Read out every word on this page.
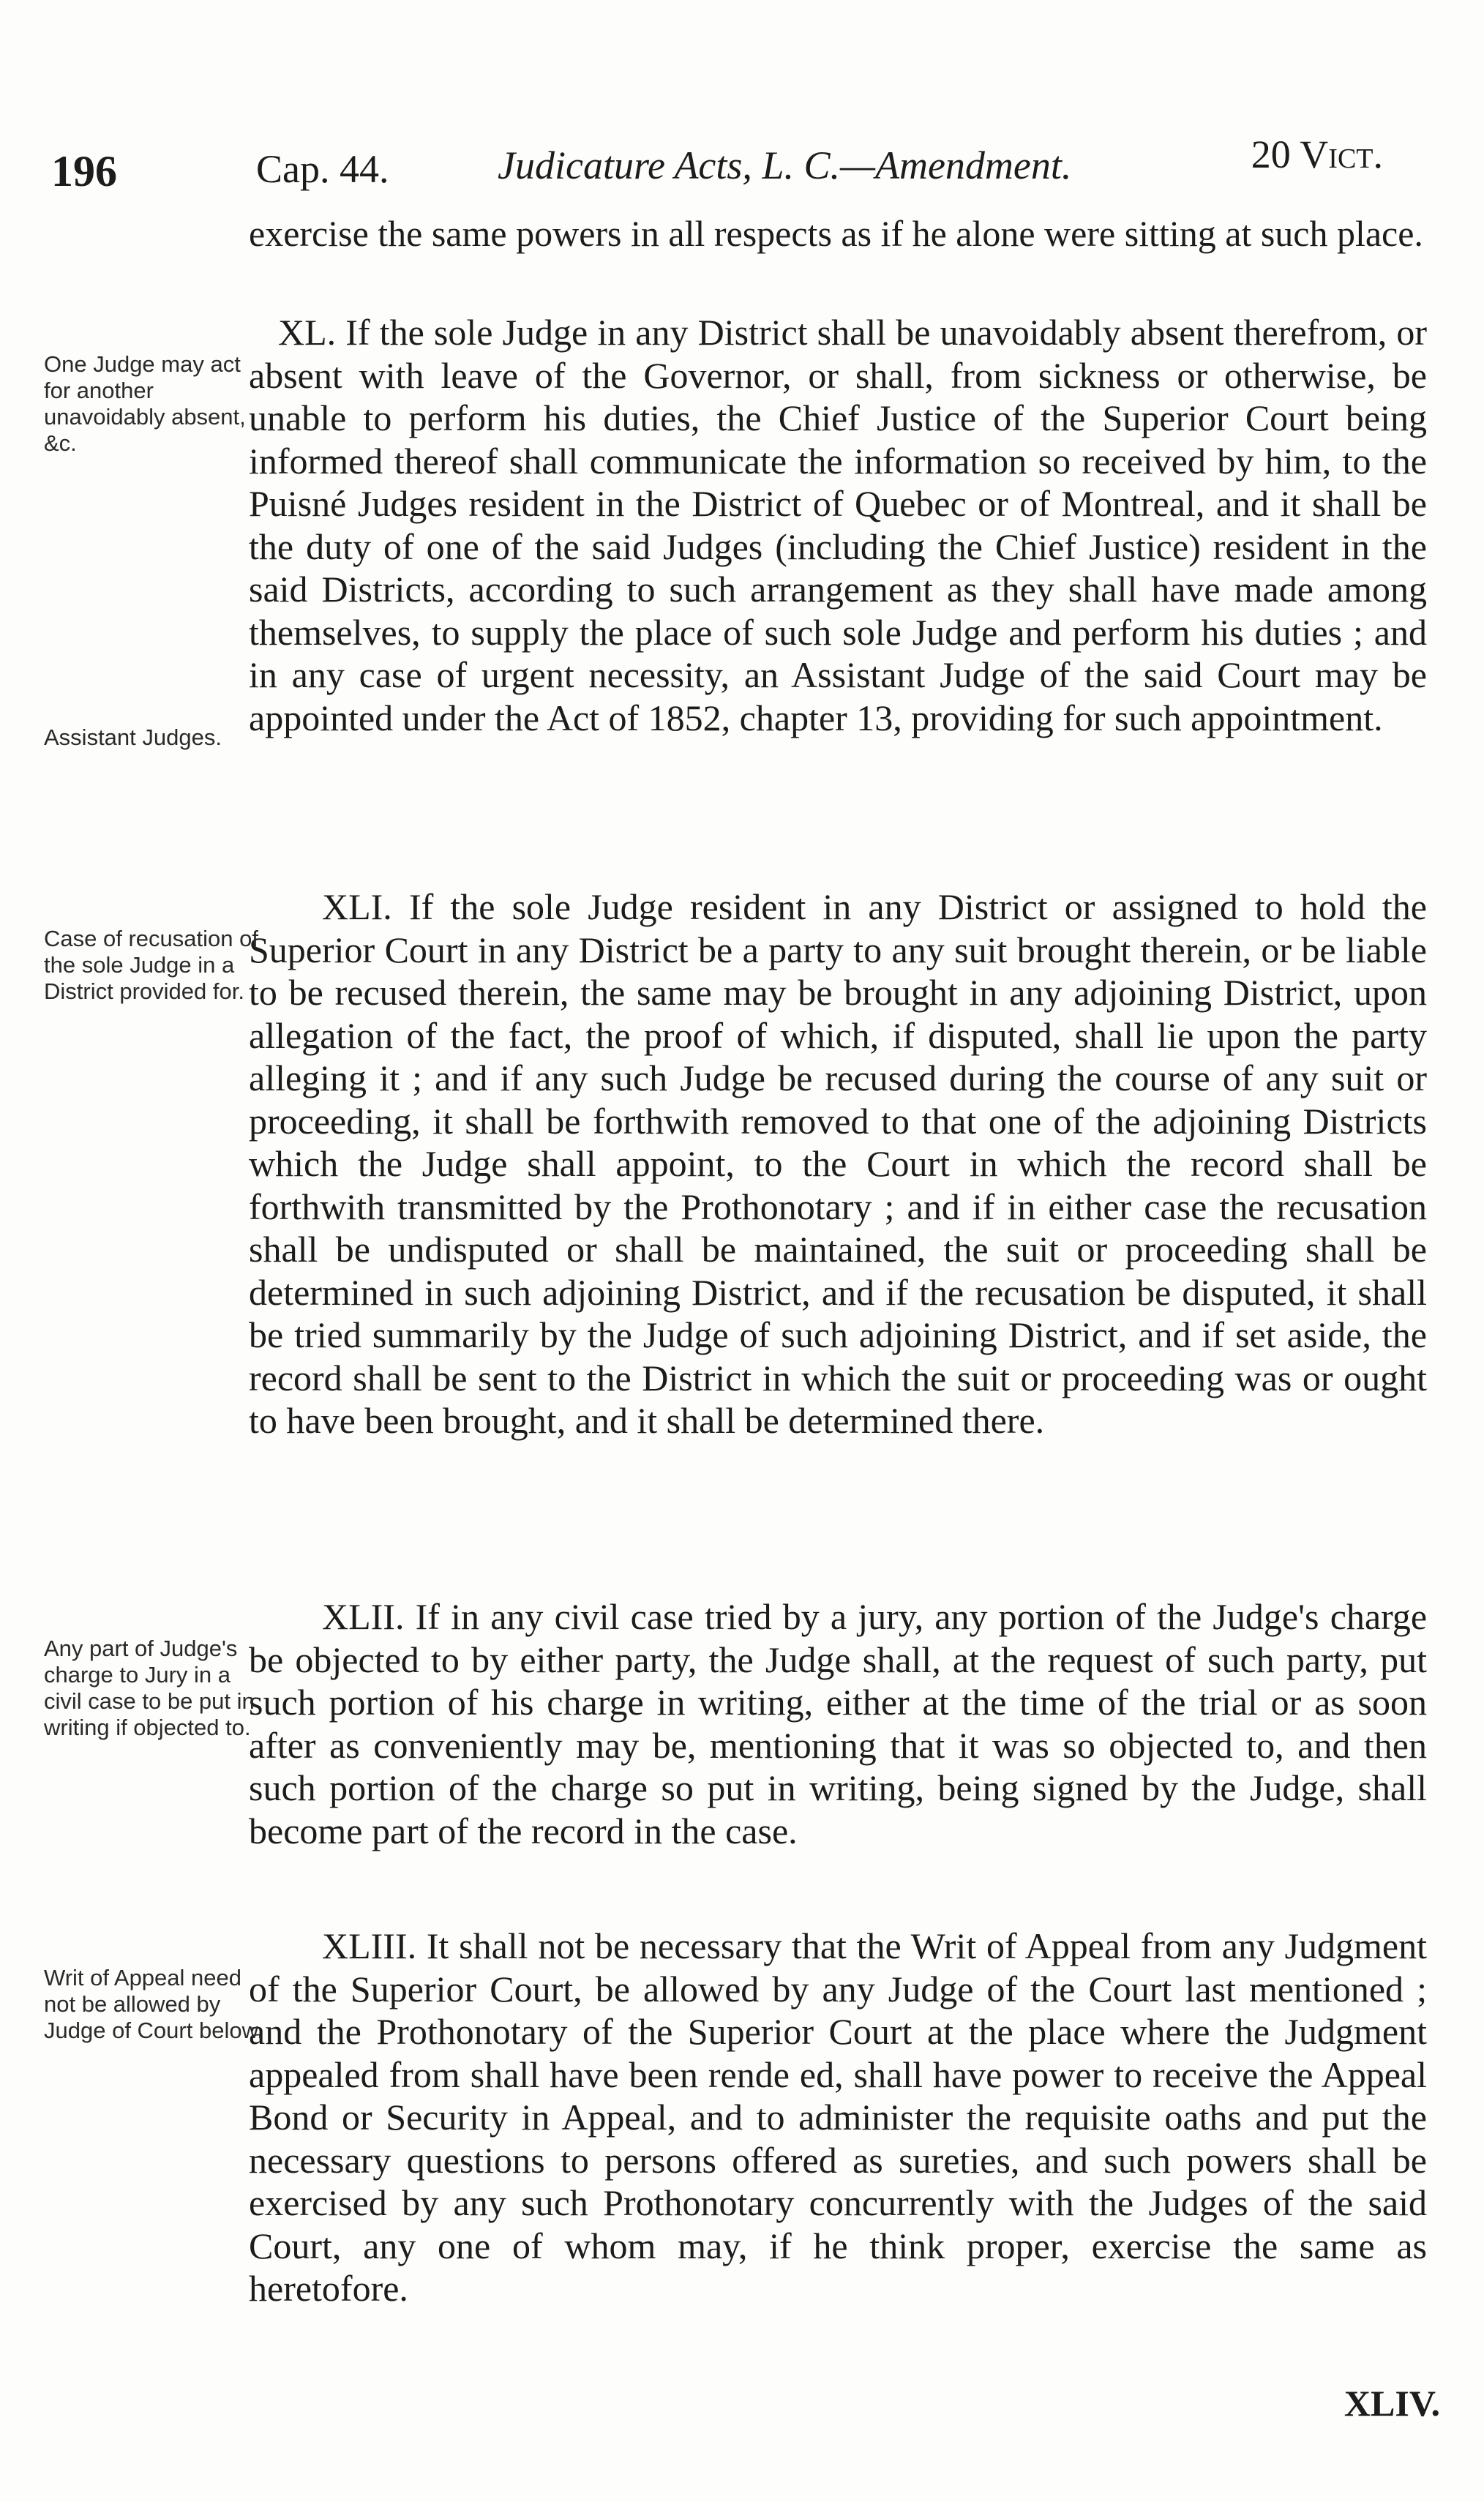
196	Cap. 44.	Judicature Acts, L. C.—Amendment.	20 Vict.

exercise the same powers in all respects as if he alone were sitting at such place.

XL. If the sole Judge in any District shall be unavoidably absent therefrom, or absent with leave of the Governor, or shall, from sickness or otherwise, be unable to perform his duties, the Chief Justice of the Superior Court being informed thereof shall communicate the information so received by him, to the Puisné Judges resident in the District of Quebec or of Montreal, and it shall be the duty of one of the said Judges (including the Chief Justice) resident in the said Districts, according to such arrangement as they shall have made among themselves, to supply the place of such sole Judge and perform his duties ; and in any case of urgent necessity, an Assistant Judge of the said Court may be appointed under the Act of 1852, chapter 13, providing for such appointment.

One Judge may act for another unavoidably absent, &c.
Assistant Judges.

XLI. If the sole Judge resident in any District or assigned to hold the Superior Court in any District be a party to any suit brought therein, or be liable to be recused therein, the same may be brought in any adjoining District, upon allegation of the fact, the proof of which, if disputed, shall lie upon the party alleging it ; and if any such Judge be recused during the course of any suit or proceeding, it shall be forthwith removed to that one of the adjoining Districts which the Judge shall appoint, to the Court in which the record shall be forthwith transmitted by the Prothonotary ; and if in either case the recusation shall be undisputed or shall be maintained, the suit or proceeding shall be determined in such adjoining District, and if the recusation be disputed, it shall be tried summarily by the Judge of such adjoining District, and if set aside, the record shall be sent to the District in which the suit or proceeding was or ought to have been brought, and it shall be determined there.

Case of recusation of the sole Judge in a District provided for.

XLII. If in any civil case tried by a jury, any portion of the Judge's charge be objected to by either party, the Judge shall, at the request of such party, put such portion of his charge in writing, either at the time of the trial or as soon after as conveniently may be, mentioning that it was so objected to, and then such portion of the charge so put in writing, being signed by the Judge, shall become part of the record in the case.

Any part of Judge's charge to Jury in a civil case to be put in writing if objected to.

XLIII. It shall not be necessary that the Writ of Appeal from any Judgment of the Superior Court, be allowed by any Judge of the Court last mentioned ; and the Prothonotary of the Superior Court at the place where the Judgment appealed from shall have been rende ed, shall have power to receive the Appeal Bond or Security in Appeal, and to administer the requisite oaths and put the necessary questions to persons offered as sureties, and such powers shall be exercised by any such Prothonotary concurrently with the Judges of the said Court, any one of whom may, if he think proper, exercise the same as heretofore.

Writ of Appeal need not be allowed by Judge of Court below.
XLIV.
